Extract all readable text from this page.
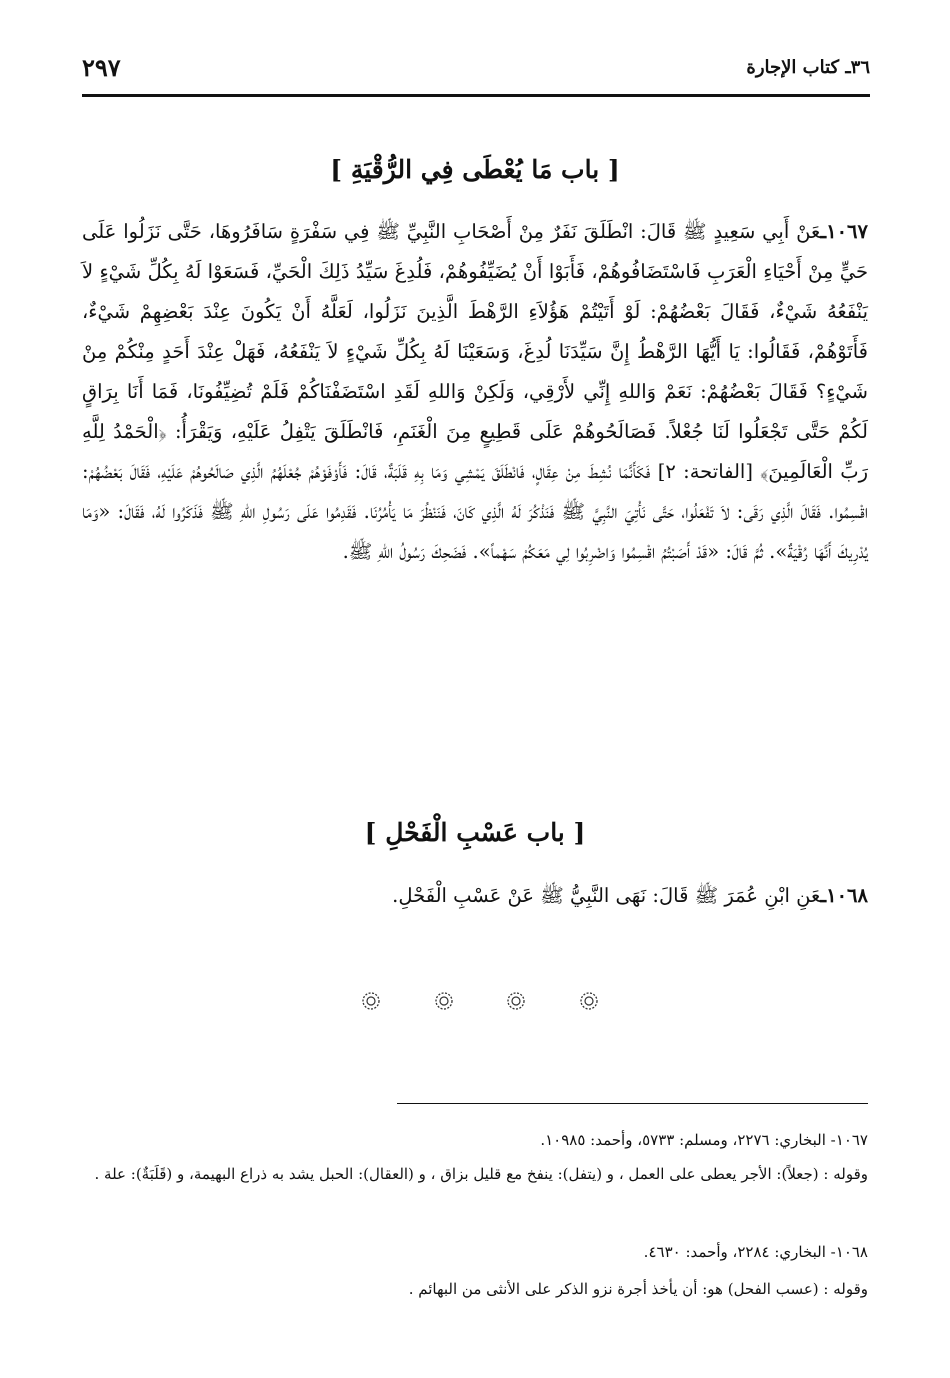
٣٦ـ كتاب الإجارة
٢٩٧
[ باب مَا يُعْطَى فِي الرُّقْيَةِ ]
١٠٦٧ـعَنْ أَبِي سَعِيدٍ ﷺ قَالَ: انْطَلَقَ نَفَرٌ مِنْ أَصْحَابِ النَّبِيِّ ﷺ فِي سَفْرَةٍ سَافَرُوهَا، حَتَّى نَزَلُوا عَلَى حَيٍّ مِنْ أَحْيَاءِ الْعَرَبِ فَاسْتَضَافُوهُمْ، فَأَبَوْا أَنْ يُضَيِّفُوهُمْ، فَلُدِغَ سَيِّدُ ذَلِكَ الْحَيِّ، فَسَعَوْا لَهُ بِكُلِّ شَيْءٍ لاَ يَنْفَعُهُ شَيْءٌ، فَقَالَ بَعْضُهُمْ: لَوْ أَتَيْتُمْ هَؤُلاَءِ الرَّهْطَ الَّذِينَ نَزَلُوا، لَعَلَّهُ أَنْ يَكُونَ عِنْدَ بَعْضِهِمْ شَيْءٌ، فَأَتَوْهُمْ، فَقَالُوا: يَا أَيُّهَا الرَّهْطُ إِنَّ سَيِّدَنَا لُدِغَ، وَسَعَيْنَا لَهُ بِكُلِّ شَيْءٍ لاَ يَنْفَعُهُ، فَهَلْ عِنْدَ أَحَدٍ مِنْكُمْ مِنْ شَيْءٍ؟ فَقَالَ بَعْضُهُمْ: نَعَمْ وَاللهِ إِنِّي لأَرْقِي، وَلَكِنْ وَاللهِ لَقَدِ اسْتَضَفْنَاكُمْ فَلَمْ تُضِيِّفُونَا، فَمَا أَنَا بِرَاقٍ لَكُمْ حَتَّى تَجْعَلُوا لَنَا جُعْلاً. فَصَالَحُوهُمْ عَلَى قَطِيعٍ مِنَ الْغَنَمِ، فَانْطَلَقَ يَتْفِلُ عَلَيْهِ، وَيَقْرَأُ: ﴿الْحَمْدُ لِلَّهِ رَبِّ الْعَالَمِينَ﴾ [الفاتحة: ٢] فَكَأَنَّمَا نُشِطَ مِنْ عِقَالٍ، فَانْطَلَقَ يَمْشِي وَمَا بِهِ قَلَبَةٌ، قَالَ: فَأَوْفَوْهُمْ جُعْلَهُمُ الَّذِي صَالَحُوهُمْ عَلَيْهِ، فَقَالَ بَعْضُهُمْ: اقْسِمُوا. فَقَالَ الَّذِي رَقَى: لاَ تَفْعَلُوا، حَتَّى نَأْتِيَ النَّبِيَّ ﷺ فَنَذْكُرَ لَهُ الَّذِي كَانَ، فَنَنْظُرَ مَا يَأْمُرُنَا. فَقَدِمُوا عَلَى رَسُولِ اللهِ ﷺ فَذَكَرُوا لَهُ، فَقَالَ: «وَمَا يُدْرِيكَ أَنَّهَا رُقْيَةٌ». ثُمَّ قَالَ: «قَدْ أَصَبْتُمُ اقْسِمُوا وَاضْرِبُوا لِي مَعَكُمْ سَهْماً». فَضَحِكَ رَسُولُ اللهِ ﷺ.
[ باب عَسْبِ الْفَحْلِ ]
١٠٦٨ـعَنِ ابْنِ عُمَرَ ﷺ قَالَ: نَهَى النَّبِيُّ ﷺ عَنْ عَسْبِ الْفَحْلِ.
١٠٦٧- البخاري: ٢٢٧٦، ومسلم: ٥٧٣٣، وأحمد: ١٠٩٨٥.
وقوله : (جعلاً): الأجر يعطى على العمل ، و (يتفل): ينفخ مع قليل بزاق ، و (العقال): الحبل يشد به ذراع البهيمة، و (قَلَبَةٌ): علة .
١٠٦٨- البخاري: ٢٢٨٤، وأحمد: ٤٦٣٠.
وقوله : (عسب الفحل) هو: أن يأخذ أجرة نزو الذكر على الأنثى من البهائم .
